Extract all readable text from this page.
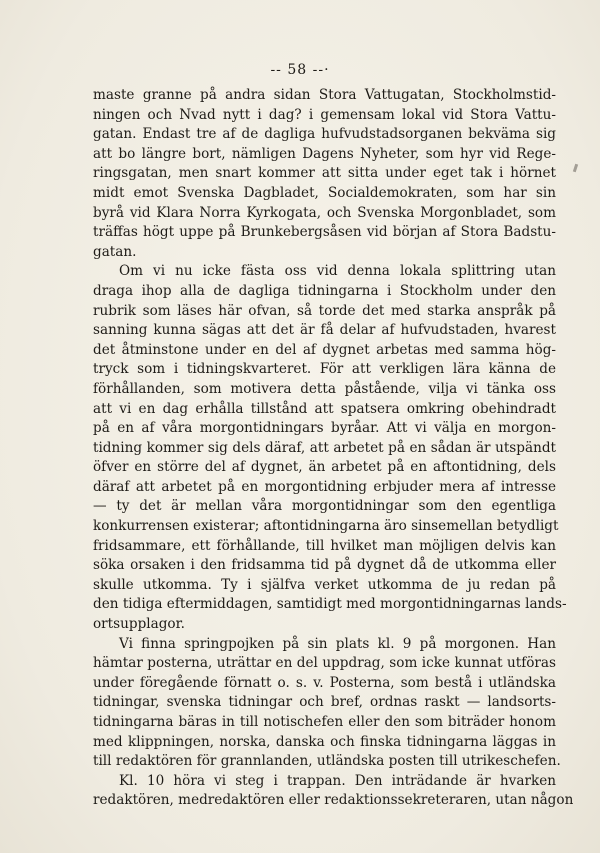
-- 58 --·
maste granne på andra sidan Stora Vattugatan, Stockholmstid-
ningen och Nvad nytt i dag? i gemensam lokal vid Stora Vattu-
gatan. Endast tre af de dagliga hufvudstadsorganen bekväma sig
att bo längre bort, nämligen Dagens Nyheter, som hyr vid Rege-
ringsgatan, men snart kommer att sitta under eget tak i hörnet
midt emot Svenska Dagbladet, Socialdemokraten, som har sin
byrå vid Klara Norra Kyrkogata, och Svenska Morgonbladet, som
träffas högt uppe på Brunkebergsåsen vid början af Stora Badstu-
gatan.
Om vi nu icke fästa oss vid denna lokala splittring utan
draga ihop alla de dagliga tidningarna i Stockholm under den
rubrik som läses här ofvan, så torde det med starka anspråk på
sanning kunna sägas att det är få delar af hufvudstaden, hvarest
det åtminstone under en del af dygnet arbetas med samma hög-
tryck som i tidningskvarteret. För att verkligen lära känna de
förhållanden, som motivera detta påstående, vilja vi tänka oss
att vi en dag erhålla tillstånd att spatsera omkring obehindradt
på en af våra morgontidningars byråar. Att vi välja en morgon-
tidning kommer sig dels däraf, att arbetet på en sådan är utspändt
öfver en större del af dygnet, än arbetet på en aftontidning, dels
däraf att arbetet på en morgontidning erbjuder mera af intresse
— ty det är mellan våra morgontidningar som den egentliga
konkurrensen existerar; aftontidningarna äro sinsemellan betydligt
fridsammare, ett förhållande, till hvilket man möjligen delvis kan
söka orsaken i den fridsamma tid på dygnet då de utkomma eller
skulle utkomma. Ty i själfva verket utkomma de ju redan på
den tidiga eftermiddagen, samtidigt med morgontidningarnas lands-
ortsupplagor.
Vi finna springpojken på sin plats kl. 9 på morgonen. Han
hämtar posterna, uträttar en del uppdrag, som icke kunnat utföras
under föregående förnatt o. s. v. Posterna, som bestå i utländska
tidningar, svenska tidningar och bref, ordnas raskt — landsorts-
tidningarna bäras in till notischefen eller den som biträder honom
med klippningen, norska, danska och finska tidningarna läggas in
till redaktören för grannlanden, utländska posten till utrikeschefen.
Kl. 10 höra vi steg i trappan. Den inträdande är hvarken
redaktören, medredaktören eller redaktionssekreteraren, utan någon
